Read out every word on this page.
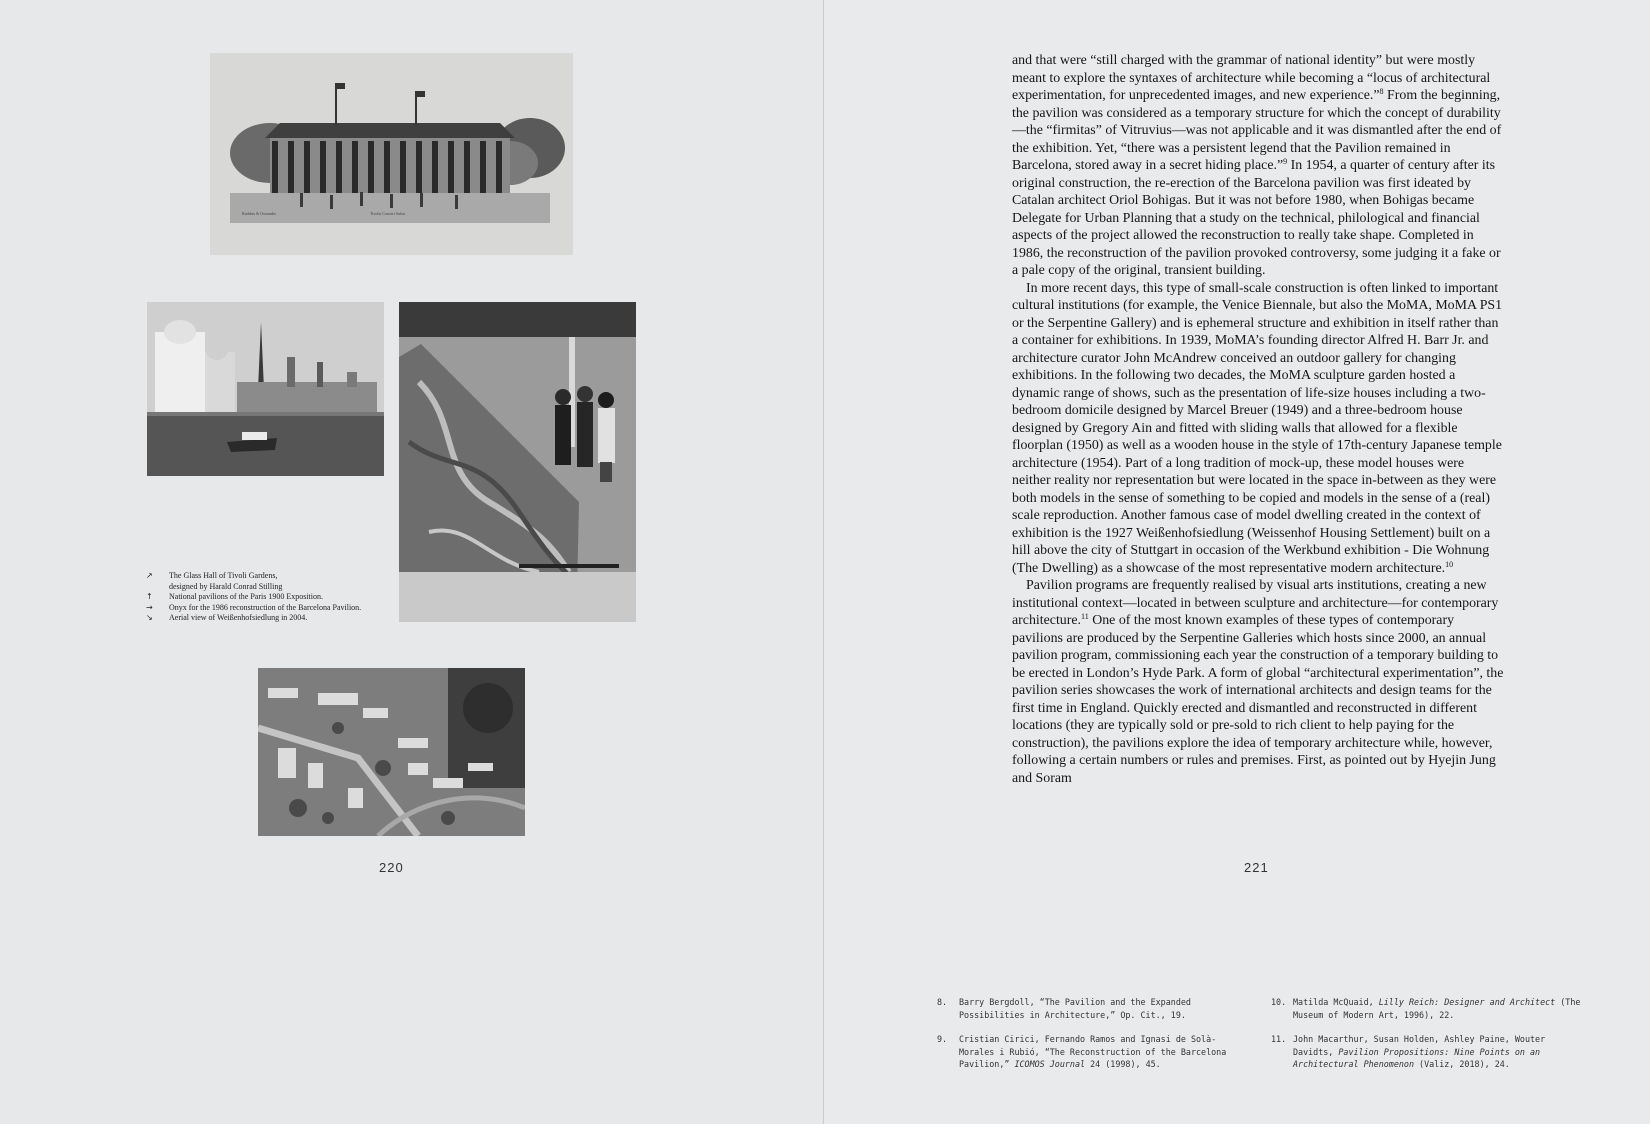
Ruthbes & Ostrander	Tivolis Concert Salon
↗	The Glass Hall of Tivoli Gardens,
designed by Harald Conrad Stilling
↑	National pavilions of the Paris 1900 Exposition.
→	Onyx for the 1986 reconstruction of the Barcelona Pavilion.
↘	Aerial view of Weißenhofsiedlung in 2004.
220

and that were “still charged with the grammar of national identity” but were mostly meant to explore the syntaxes of architecture while becoming a “locus of architectural experimentation, for unprecedented images, and new experience.”$^8$ From the beginning, the pavilion was considered as a temporary structure for which the concept of durability—the “firmitas” of Vitruvius—was not applicable and it was dismantled after the end of the exhibition. Yet, “there was a persistent legend that the Pavilion remained in Barcelona, stored away in a secret hiding place.”$^9$ In 1954, a quarter of century after its original construction, the re-erection of the Barcelona pavilion was first ideated by Catalan architect Oriol Bohigas. But it was not before 1980, when Bohigas became Delegate for Urban Planning that a study on the technical, philological and financial aspects of the project allowed the reconstruction to really take shape. Completed in 1986, the reconstruction of the pavilion provoked controversy, some judging it a fake or a pale copy of the original, transient building.

In more recent days, this type of small-scale construction is often linked to important cultural institutions (for example, the Venice Biennale, but also the MoMA, MoMA PS1 or the Serpentine Gallery) and is ephemeral structure and exhibition in itself rather than a container for exhibitions. In 1939, MoMA’s founding director Alfred H. Barr Jr. and architecture curator John McAndrew conceived an outdoor gallery for changing exhibitions. In the following two decades, the MoMA sculpture garden hosted a dynamic range of shows, such as the presentation of life-size houses including a two-bedroom domicile designed by Marcel Breuer (1949) and a three-bedroom house designed by Gregory Ain and fitted with sliding walls that allowed for a flexible floorplan (1950) as well as a wooden house in the style of 17th-century Japanese temple architecture (1954). Part of a long tradition of mock-up, these model houses were neither reality nor representation but were located in the space in-between as they were both models in the sense of something to be copied and models in the sense of a (real) scale reproduction. Another famous case of model dwelling created in the context of exhibition is the 1927 Weißenhofsiedlung (Weissenhof Housing Settlement) built on a hill above the city of Stuttgart in occasion of the Werkbund exhibition - Die Wohnung (The Dwelling) as a showcase of the most representative modern architecture.$^{10}$

Pavilion programs are frequently realised by visual arts institutions, creating a new institutional context—located in between sculpture and architecture—for contemporary architecture.$^{11}$ One of the most known examples of these types of contemporary pavilions are produced by the Serpentine Galleries which hosts since 2000, an annual pavilion program, commissioning each year the construction of a temporary building to be erected in London’s Hyde Park. A form of global “architectural experimentation”, the pavilion series showcases the work of international architects and design teams for the first time in England. Quickly erected and dismantled and reconstructed in different locations (they are typically sold or pre-sold to rich client to help paying for the construction), the pavilions explore the idea of temporary architecture while, however, following a certain numbers or rules and premises. First, as pointed out by Hyejin Jung and Soram

221
8.	Barry Bergdoll, “The Pavilion and the Expanded Possibilities in Architecture,” Op. Cit., 19.
9.	Cristian Cirici, Fernando Ramos and Ignasi de Solà-Morales i Rubió, “The Reconstruction of the Barcelona Pavilion,” ICOMOS Journal 24 (1998), 45.
10. Matilda McQuaid, Lilly Reich: Designer and Architect (The Museum of Modern Art, 1996), 22.
11. John Macarthur, Susan Holden, Ashley Paine, Wouter Davidts, Pavilion Propositions: Nine Points on an Architectural Phenomenon (Valiz, 2018), 24.
